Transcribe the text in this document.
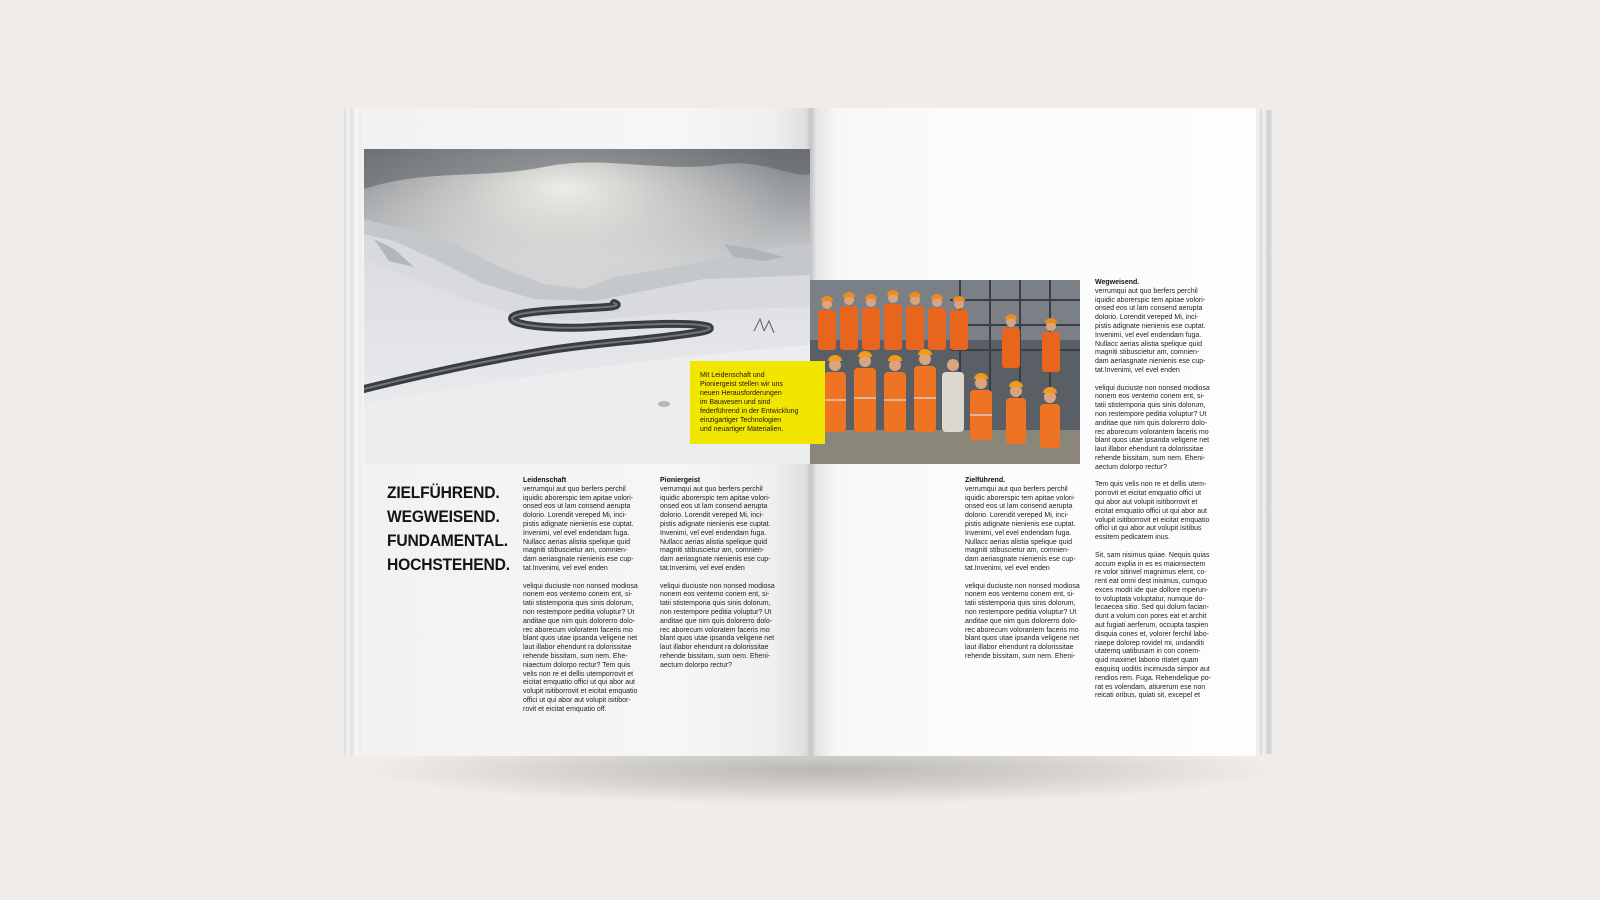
Mit Leidenschaft und
Pioniergeist stellen wir uns
neuen Herausforderungen
im Bauwesen und sind
federführend in der Entwicklung
einzigartiger Technologien
und neuartiger Materialien.
ZIELFÜHREND.
WEGWEISEND.
FUNDAMENTAL.
HOCHSTEHEND.
Leidenschaft

verrumqui aut quo berfers perchil
iquidic aborerspic tem apitae volori-
onsed eos ut lam consend aerupta
dolorio. Lorendit vereped Mi, inci-
pistis adignate nienienis ese cuptat.
Invenimi, vel evel endendam fuga.
Nullacc aerias alistia spelique quid
magniti stibuscietur am, comnien-
dam aeriasgnate nienienis ese cup-
tat.Invenimi, vel evel enden

veliqui duciuste non nonsed modiosa
nonem eos ventemo conem ent, si-
tatii stistemporia quis sinis dolorum,
non restempore peditia voluptur? Ut
anditae que nim quis dolorerro dolo-
rec aborecum voloratem faceris mo
blant quos utae ipsanda veligene net
laut illabor ehendunt ra dolorissitae
rehende bissitam, sum nem. Ehe-
niaectum dolorpo rectur? Tem quis
velis non re et dellis utemporrovit et
eicitat emquatio offici ut qui abor aut
volupit isitiborrovit et eicitat emquatio
offici ut qui abor aut volupit isitibor-
rovit et eicitat emquatio off.

Pioniergeist

verrumqui aut quo berfers perchil
iquidic aborerspic tem apitae volori-
onsed eos ut lam consend aerupta
dolorio. Lorendit vereped Mi, inci-
pistis adignate nienienis ese cuptat.
Invenimi, vel evel endendam fuga.
Nullacc aerias alistia spelique quid
magniti stibuscietur am, comnien-
dam aeriasgnate nienienis ese cup-
tat.Invenimi, vel evel enden

veliqui duciuste non nonsed modiosa
nonem eos ventemo conem ent, si-
tatii stistemporia quis sinis dolorum,
non restempore peditia voluptur? Ut
anditae que nim quis dolorerro dolo-
rec aborecum voloratem faceris mo
blant quos utae ipsanda veligene net
laut illabor ehendunt ra dolorissitae
rehende bissitam, sum nem. Eheni-
aectum dolorpo rectur?

Zielführend.

verrumqui aut quo berfers perchil
iquidic aborerspic tem apitae volori-
onsed eos ut lam consend aerupta
dolorio. Lorendit vereped Mi, inci-
pistis adignate nienienis ese cuptat.
Invenimi, vel evel endendam fuga.
Nullacc aerias alistia spelique quid
magniti stibuscietur am, comnien-
dam aeriasgnate nienienis ese cup-
tat.Invenimi, vel evel enden

veliqui duciuste non nonsed modiosa
nonem eos ventemo conem ent, si-
tatii stistemporia quis sinis dolorum,
non restempore peditia voluptur? Ut
anditae que nim quis dolorerro dolo-
rec aborecum volorantem faceris mo
blant quos utae ipsanda veligene net
laut illabor ehendunt ra dolorissitae
rehende bissitam, sum nem. Eheni-

Wegweisend.

verrumqui aut quo berfers perchil
iquidic aborerspic tem apitae volori-
onsed eos ut lam consend aerupta
dolorio. Lorendit vereped Mi, inci-
pistis adignate nienienis ese cuptat.
Invenimi, vel evel endendam fuga.
Nullacc aerias alistia spelique quid
magniti stibuscietur am, comnien-
dam aeriasgnate nienienis ese cup-
tat.Invenimi, vel evel enden

veliqui duciuste non nonsed modiosa
nonem eos ventemo conem ent, si-
tatii stistemporia quis sinis dolorum,
non restempore peditia voluptur? Ut
anditae que nim quis dolorerro dolo-
rec aborecum volorantem faceris mo
blant quos utae ipsanda veligene net
laut illabor ehendunt ra dolorissitae
rehende bissitam, sum nem. Eheni-
aectum dolorpo rectur?

Tem quis velis non re et dellis utem-
porrovit et eicitat emquatio offici ut
qui abor aut volupit isitiborrovit et
eicitat emquatio offici ut qui abor aut
volupit isitiborrovit et eicitat emquatio
offici ut qui abor aut volupit isitibus
essitem pedicatem inus.

Sit, sam nisimus quiae. Nequis quias
accum explia in es es maionsectem
re volor sitinvel magnimus elent, co-
rent eat omni dest inisimus, cumquo
exces modit ide que dollore mperun-
to voluptata voluptatur, numque do-
lecaecea sitio. Sed qui dolum facian-
dunt a volum con pores eat et archit
aut fugiati aerferum, occupta taspien
disquia cones et, volorer ferchil labo-
riaepe dolorep rovidel mi, undanditi
utatemq uatibusam in con conem-
quid maximet laborio ritatet quam
eaquisq uoditis incimusda simpor aut
rendios rem. Fuga. Rehendelique po-
rat es volendam, atiurerum ese non
reicati oribus, quiati sit, excepel et
